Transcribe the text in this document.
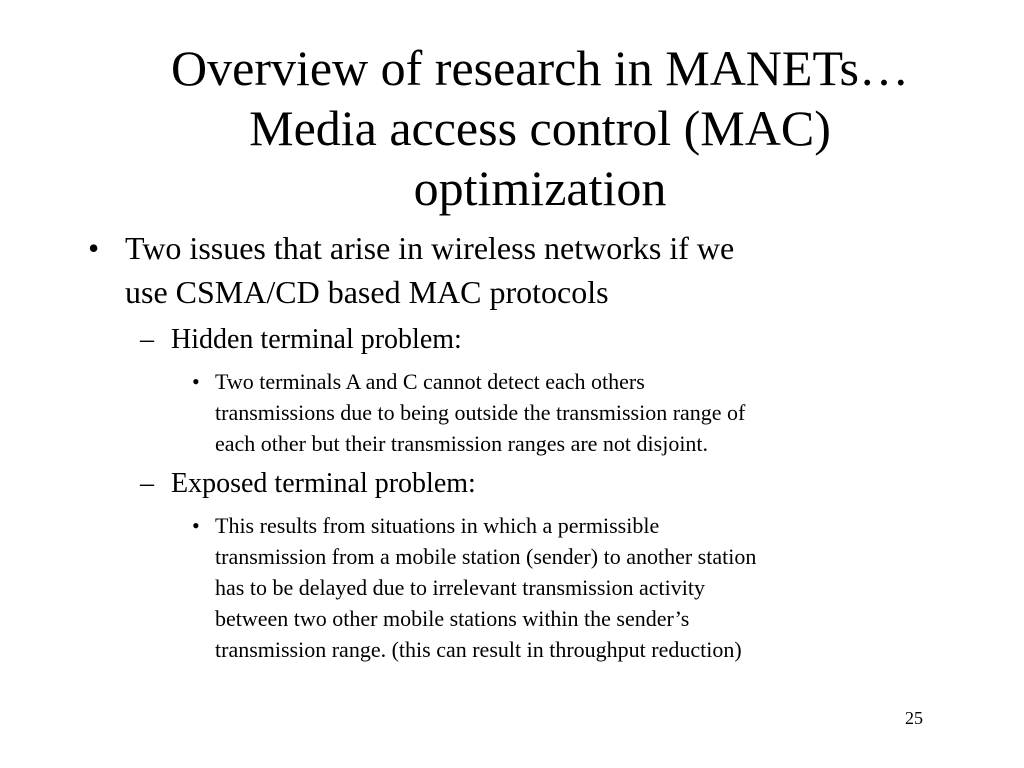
Overview of research in MANETs…
Media access control (MAC)
optimization
• Two issues that arise in wireless networks if we
use CSMA/CD based MAC protocols
– Hidden terminal problem:
• Two terminals A and C cannot detect each others
transmissions due to being outside the transmission range of
each other but their transmission ranges are not disjoint.
– Exposed terminal problem:
• This results from situations in which a permissible
transmission from a mobile station (sender) to another station
has to be delayed due to irrelevant transmission activity
between two other mobile stations within the sender’s
transmission range. (this can result in throughput reduction)
25
